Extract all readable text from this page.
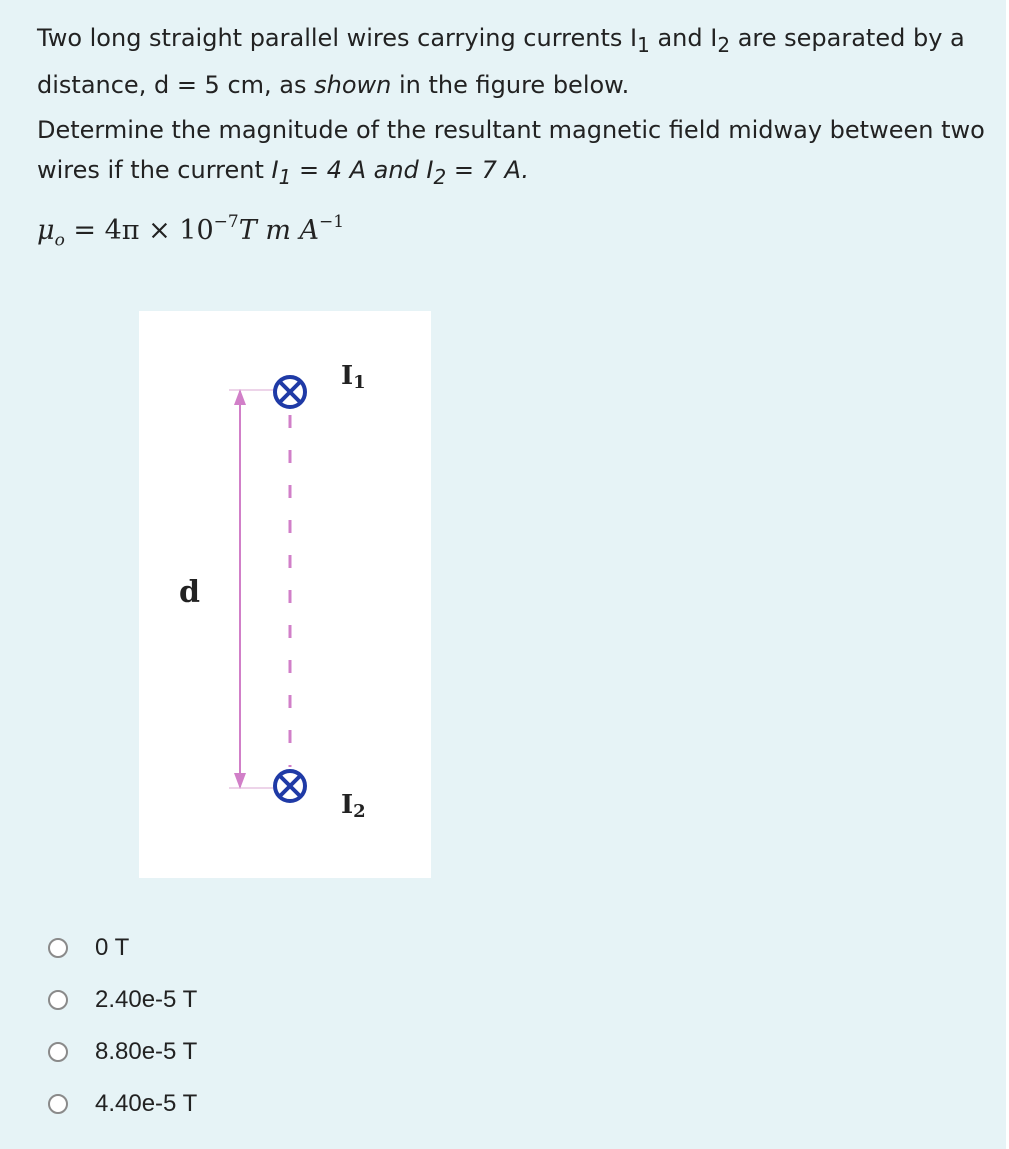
Two long straight parallel wires carrying currents $I_1$ and $I_2$ are separated by a distance, d = 5 cm, as shown in the figure below.

Determine the magnitude of the resultant magnetic field midway between two wires if the current $I_1 = 4$ A and $I_2 = 7$ A.

$\mu_o = 4\pi \times 10^{-7}T$ m $A^{-1}$
I1
I2
d
0 T
2.40e-5 T
8.80e-5 T
4.40e-5 T
